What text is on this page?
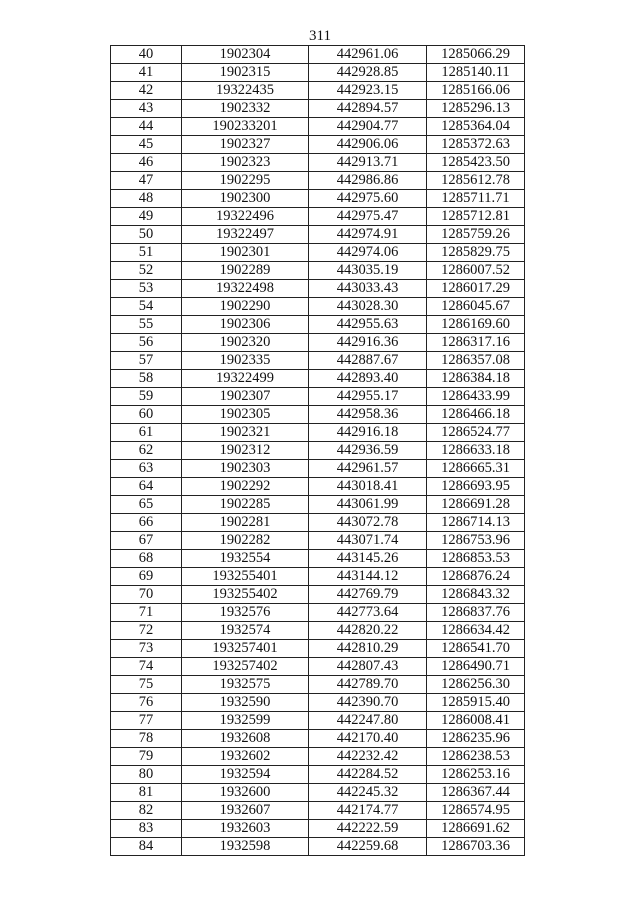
311
40	1902304	442961.06	1285066.29
41	1902315	442928.85	1285140.11
42	19322435	442923.15	1285166.06
43	1902332	442894.57	1285296.13
44	190233201	442904.77	1285364.04
45	1902327	442906.06	1285372.63
46	1902323	442913.71	1285423.50
47	1902295	442986.86	1285612.78
48	1902300	442975.60	1285711.71
49	19322496	442975.47	1285712.81
50	19322497	442974.91	1285759.26
51	1902301	442974.06	1285829.75
52	1902289	443035.19	1286007.52
53	19322498	443033.43	1286017.29
54	1902290	443028.30	1286045.67
55	1902306	442955.63	1286169.60
56	1902320	442916.36	1286317.16
57	1902335	442887.67	1286357.08
58	19322499	442893.40	1286384.18
59	1902307	442955.17	1286433.99
60	1902305	442958.36	1286466.18
61	1902321	442916.18	1286524.77
62	1902312	442936.59	1286633.18
63	1902303	442961.57	1286665.31
64	1902292	443018.41	1286693.95
65	1902285	443061.99	1286691.28
66	1902281	443072.78	1286714.13
67	1902282	443071.74	1286753.96
68	1932554	443145.26	1286853.53
69	193255401	443144.12	1286876.24
70	193255402	442769.79	1286843.32
71	1932576	442773.64	1286837.76
72	1932574	442820.22	1286634.42
73	193257401	442810.29	1286541.70
74	193257402	442807.43	1286490.71
75	1932575	442789.70	1286256.30
76	1932590	442390.70	1285915.40
77	1932599	442247.80	1286008.41
78	1932608	442170.40	1286235.96
79	1932602	442232.42	1286238.53
80	1932594	442284.52	1286253.16
81	1932600	442245.32	1286367.44
82	1932607	442174.77	1286574.95
83	1932603	442222.59	1286691.62
84	1932598	442259.68	1286703.36
